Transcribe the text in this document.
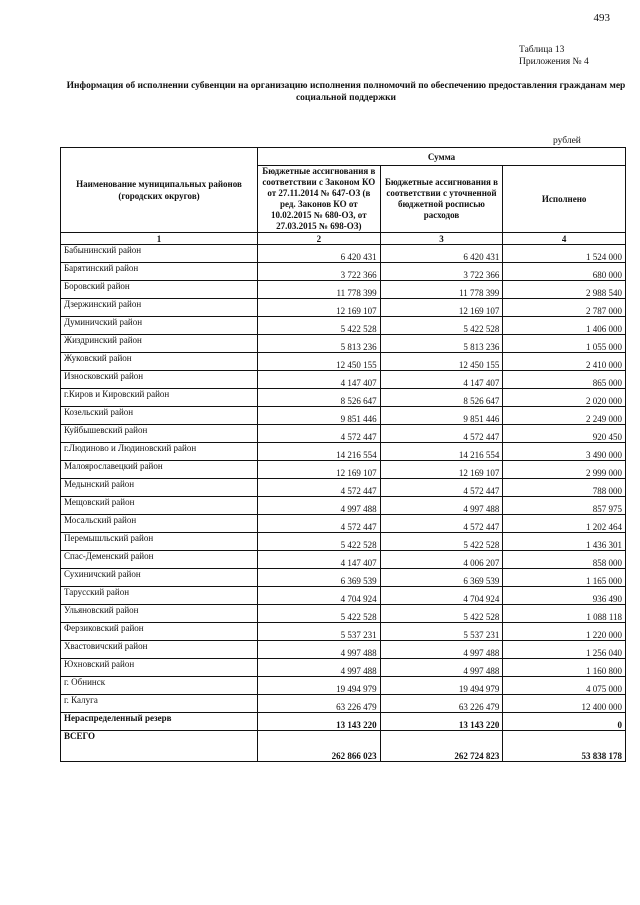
493
Таблица 13
Приложения № 4
Информация об исполнении субвенции на организацию исполнения полномочий по обеспечению предоставления гражданам мер социальной поддержки
рублей
Наименование муниципальных районов (городских округов)	Сумма		
	Бюджетные ассигнования в соответствии с Законом КО от 27.11.2014 № 647-ОЗ (в ред. Законов КО от 10.02.2015 № 680-ОЗ, от 27.03.2015 № 698-ОЗ)	Бюджетные ассигнования в соответствии с уточненной бюджетной росписью расходов	Исполнено
1	2	3	4
Бабынинский район	6 420 431	6 420 431	1 524 000
Барятинский район	3 722 366	3 722 366	680 000
Боровский район	11 778 399	11 778 399	2 988 540
Дзержинский район	12 169 107	12 169 107	2 787 000
Думиничский район	5 422 528	5 422 528	1 406 000
Жиздринский район	5 813 236	5 813 236	1 055 000
Жуковский район	12 450 155	12 450 155	2 410 000
Износковский район	4 147 407	4 147 407	865 000
г.Киров и Кировский район	8 526 647	8 526 647	2 020 000
Козельский район	9 851 446	9 851 446	2 249 000
Куйбышевский район	4 572 447	4 572 447	920 450
г.Людиново и Людиновский район	14 216 554	14 216 554	3 490 000
Малоярославецкий район	12 169 107	12 169 107	2 999 000
Медынский район	4 572 447	4 572 447	788 000
Мещовский район	4 997 488	4 997 488	857 975
Мосальский район	4 572 447	4 572 447	1 202 464
Перемышльский район	5 422 528	5 422 528	1 436 301
Спас-Деменский район	4 147 407	4 006 207	858 000
Сухиничский район	6 369 539	6 369 539	1 165 000
Тарусский район	4 704 924	4 704 924	936 490
Ульяновский район	5 422 528	5 422 528	1 088 118
Ферзиковский район	5 537 231	5 537 231	1 220 000
Хвастовичский район	4 997 488	4 997 488	1 256 040
Юхновский район	4 997 488	4 997 488	1 160 800
г. Обнинск	19 494 979	19 494 979	4 075 000
г. Калуга	63 226 479	63 226 479	12 400 000
Нераспределенный резерв	13 143 220	13 143 220	0
ВСЕГО	262 866 023	262 724 823	53 838 178
